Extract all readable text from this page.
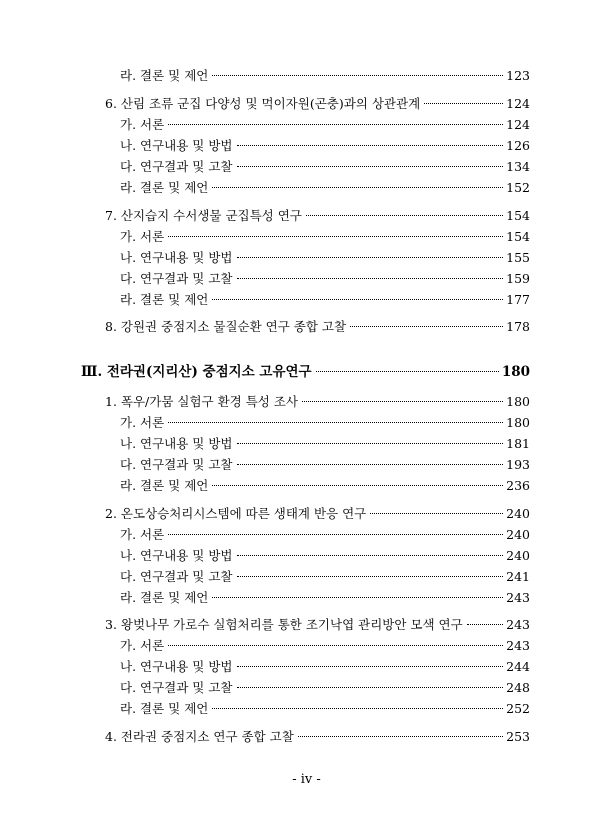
라. 결론 및 제언	123
6. 산림 조류 군집 다양성 및 먹이자원(곤충)과의 상관관계	124
가. 서론	124
나. 연구내용 및 방법	126
다. 연구결과 및 고찰	134
라. 결론 및 제언	152
7. 산지습지 수서생물 군집특성 연구	154
가. 서론	154
나. 연구내용 및 방법	155
다. 연구결과 및 고찰	159
라. 결론 및 제언	177
8. 강원권 중점지소 물질순환 연구 종합 고찰	178
Ⅲ. 전라권(지리산) 중점지소 고유연구	180
1. 폭우/가뭄 실험구 환경 특성 조사	180
가. 서론	180
나. 연구내용 및 방법	181
다. 연구결과 및 고찰	193
라. 결론 및 제언	236
2. 온도상승처리시스템에 따른 생태계 반응 연구	240
가. 서론	240
나. 연구내용 및 방법	240
다. 연구결과 및 고찰	241
라. 결론 및 제언	243
3. 왕벚나무 가로수 실험처리를 통한 조기낙엽 관리방안 모색 연구	243
가. 서론	243
나. 연구내용 및 방법	244
다. 연구결과 및 고찰	248
라. 결론 및 제언	252
4. 전라권 중점지소 연구 종합 고찰	253
- iv -
